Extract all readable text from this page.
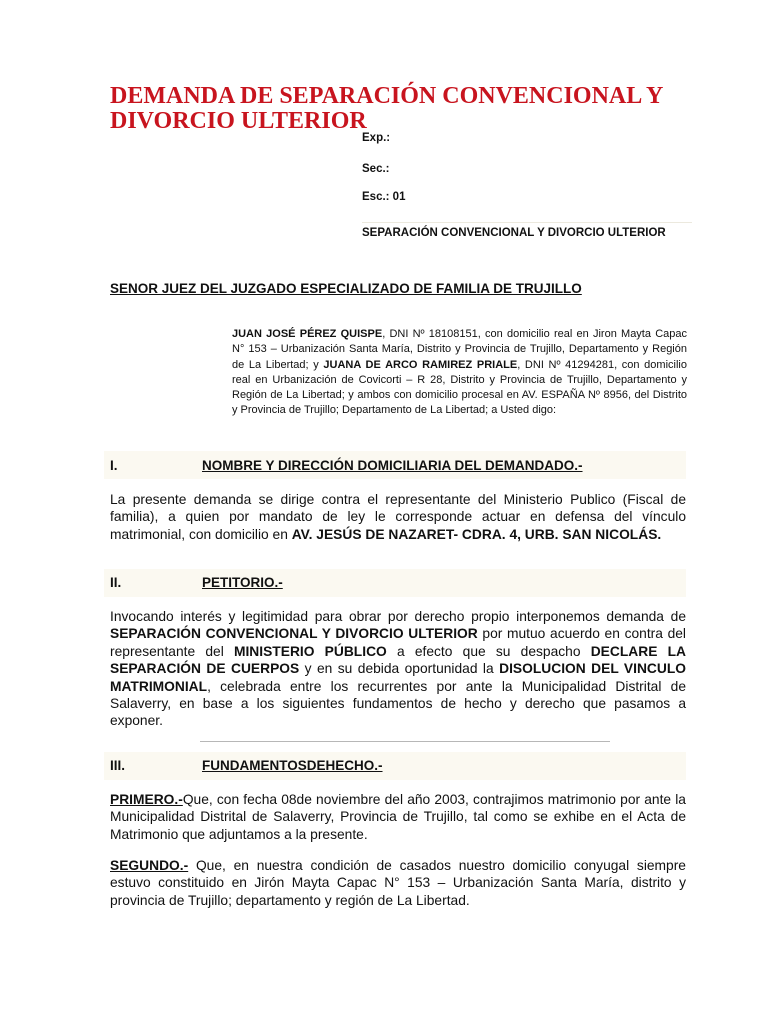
DEMANDA DE SEPARACIÓN CONVENCIONAL Y DIVORCIO ULTERIOR
Exp.:
Sec.:
Esc.: 01
SEPARACIÓN CONVENCIONAL Y DIVORCIO ULTERIOR
SENOR JUEZ DEL JUZGADO ESPECIALIZADO DE FAMILIA DE TRUJILLO
JUAN JOSÉ PÉREZ QUISPE, DNI Nº 18108151, con domicilio real en Jiron Mayta Capac N° 153 – Urbanización Santa María, Distrito y Provincia de Trujillo, Departamento y Región de La Libertad; y JUANA DE ARCO RAMIREZ PRIALE, DNI Nº 41294281, con domicilio real en Urbanización de Covicorti – R 28, Distrito y Provincia de Trujillo, Departamento y Región de La Libertad; y ambos con domicilio procesal en AV. ESPAÑA Nº 8956, del Distrito y Provincia de Trujillo; Departamento de La Libertad; a Usted digo:
I.	NOMBRE Y DIRECCIÓN DOMICILIARIA DEL DEMANDADO.-

La presente demanda se dirige contra el representante del Ministerio Publico (Fiscal de familia), a quien por mandato de ley le corresponde actuar en defensa del vínculo matrimonial, con domicilio en AV. JESÚS DE NAZARET- CDRA. 4, URB. SAN NICOLÁS.

II.	PETITORIO.-

Invocando interés y legitimidad para obrar por derecho propio interponemos demanda de SEPARACIÓN CONVENCIONAL Y DIVORCIO ULTERIOR por mutuo acuerdo en contra del representante del MINISTERIO PÚBLICO a efecto que su despacho DECLARE LA SEPARACIÓN DE CUERPOS y en su debida oportunidad la DISOLUCION DEL VINCULO MATRIMONIAL, celebrada entre los recurrentes por ante la Municipalidad Distrital de Salaverry, en base a los siguientes fundamentos de hecho y derecho que pasamos a exponer.

III.	FUNDAMENTOSDEHECHO.-

PRIMERO.-Que, con fecha 08de noviembre del año 2003, contrajimos matrimonio por ante la Municipalidad Distrital de Salaverry, Provincia de Trujillo, tal como se exhibe en el Acta de Matrimonio que adjuntamos a la presente.

SEGUNDO.- Que, en nuestra condición de casados nuestro domicilio conyugal siempre estuvo constituido en Jirón Mayta Capac N° 153 – Urbanización Santa María, distrito y provincia de Trujillo; departamento y región de La Libertad.
